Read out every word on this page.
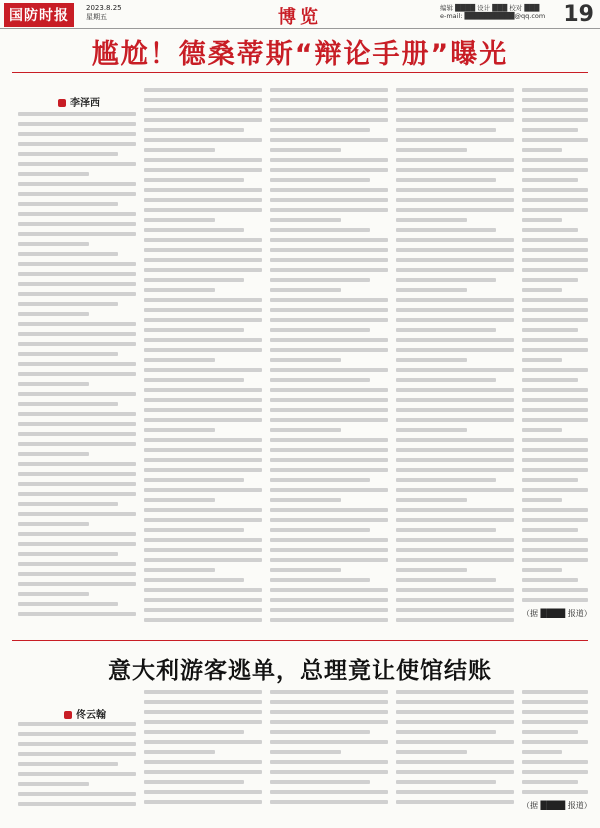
国防时报	2023.8.25
星期五	博览	编辑 ████ 设计 ███ 校对 ███
e-mail: ██████████@qq.com 19
尴尬！德桑蒂斯“辩论手册”曝光
李泽西
（据 ████ 报道）
意大利游客逃单，总理竟让使馆结账
佟云翰
（据 ████ 报道）
